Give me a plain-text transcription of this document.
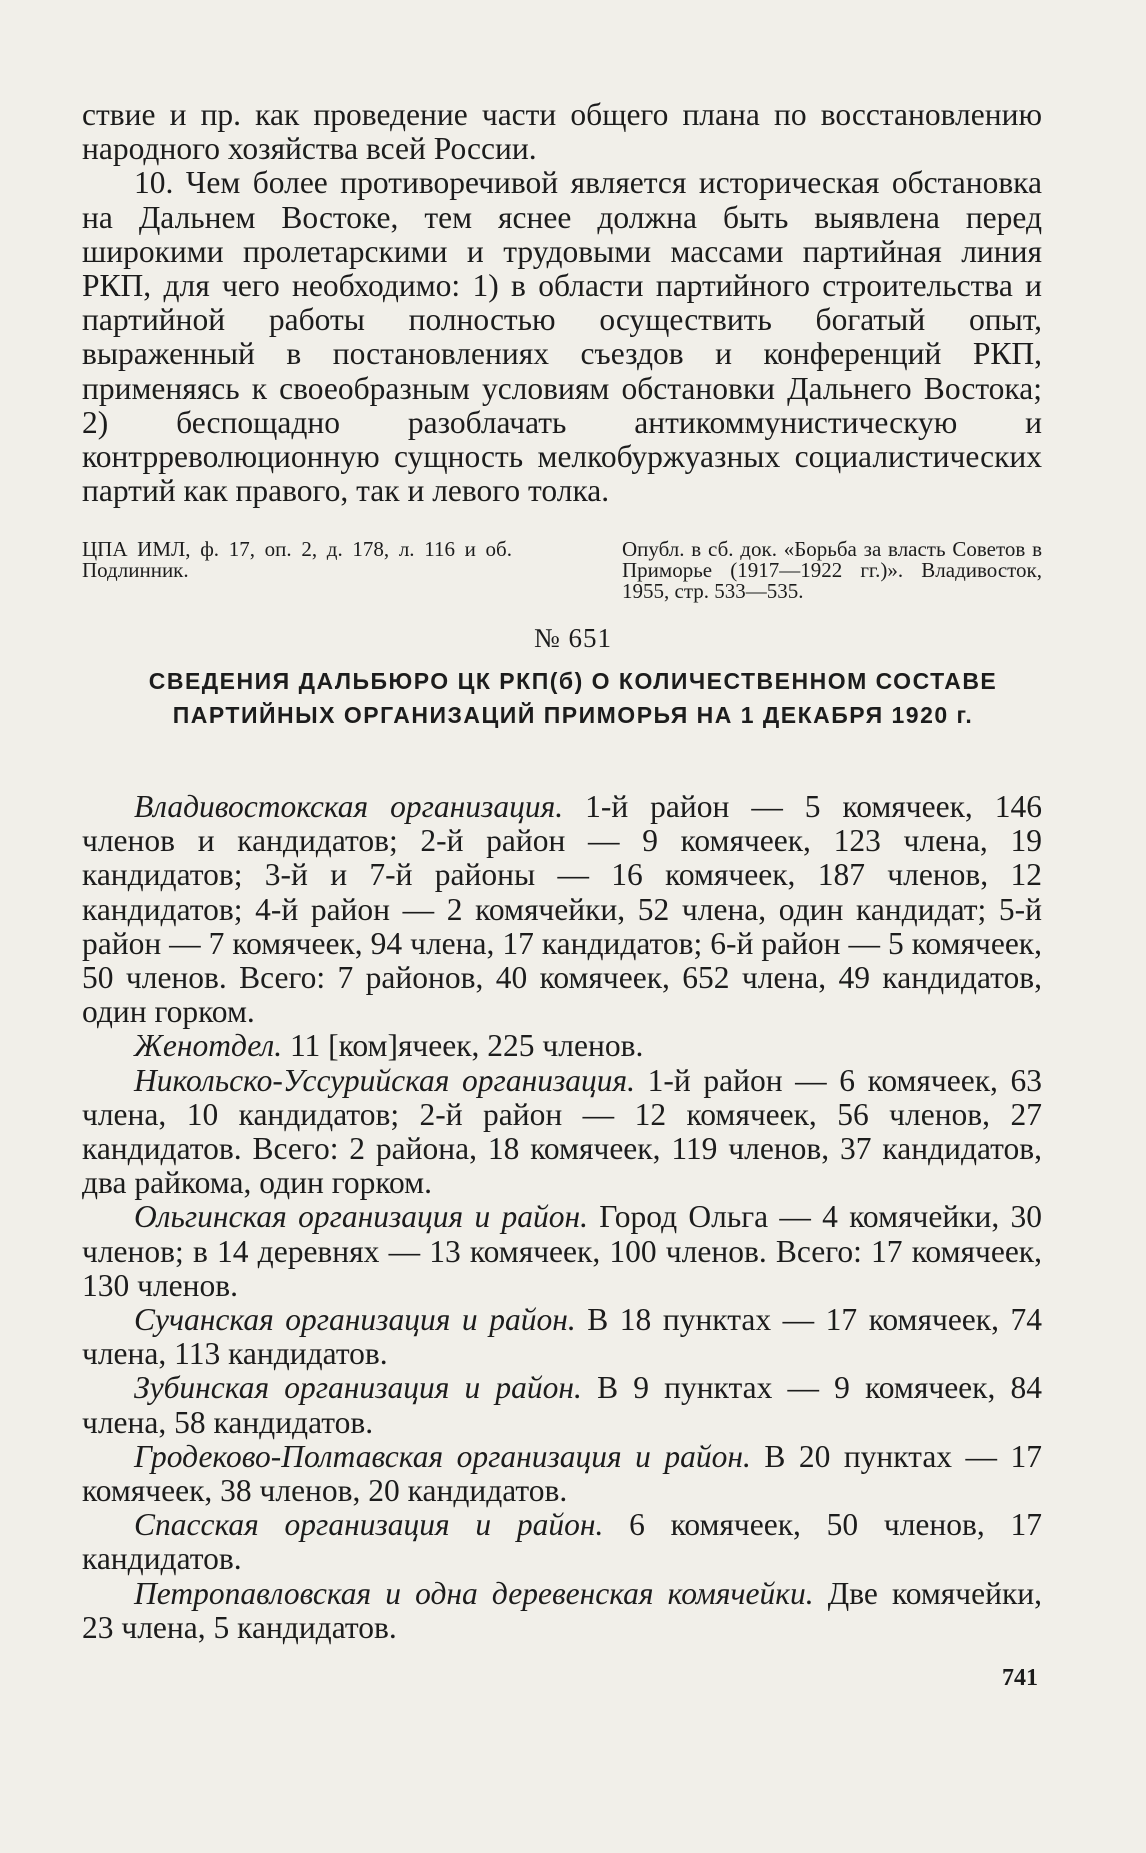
ствие и пр. как проведение части общего плана по восстановлению народного хозяйства всей России.

10. Чем более противоречивой является историческая обстановка на Дальнем Востоке, тем яснее должна быть выявлена перед широкими пролетарскими и трудовыми массами партийная линия РКП, для чего необходимо: 1) в области партийного строительства и партийной работы полностью осуществить богатый опыт, выраженный в постановлениях съездов и конференций РКП, применяясь к своеобразным условиям обстановки Дальнего Востока; 2) беспощадно разоблачать антикоммунистическую и контрреволюционную сущность мелкобуржуазных социалистических партий как правого, так и левого толка.

ЦПА ИМЛ, ф. 17, оп. 2, д. 178, л. 116 и об. Подлинник.
Опубл. в сб. док. «Борьба за власть Советов в Приморье (1917—1922 гг.)». Владивосток, 1955, стр. 533—535.
№ 651
СВЕДЕНИЯ ДАЛЬБЮРО ЦК РКП(б) О КОЛИЧЕСТВЕННОМ СОСТАВЕ ПАРТИЙНЫХ ОРГАНИЗАЦИЙ ПРИМОРЬЯ НА 1 ДЕКАБРЯ 1920 г.

Владивостокская организация. 1-й район — 5 комячеек, 146 членов и кандидатов; 2-й район — 9 комячеек, 123 члена, 19 кандидатов; 3-й и 7-й районы — 16 комячеек, 187 членов, 12 кандидатов; 4-й район — 2 комячейки, 52 члена, один кандидат; 5-й район — 7 комячеек, 94 члена, 17 кандидатов; 6-й район — 5 комячеек, 50 членов. Всего: 7 районов, 40 комячеек, 652 члена, 49 кандидатов, один горком.

Женотдел. 11 [ком]ячеек, 225 членов.

Никольско-Уссурийская организация. 1-й район — 6 комячеек, 63 члена, 10 кандидатов; 2-й район — 12 комячеек, 56 членов, 27 кандидатов. Всего: 2 района, 18 комячеек, 119 членов, 37 кандидатов, два райкома, один горком.

Ольгинская организация и район. Город Ольга — 4 комячейки, 30 членов; в 14 деревнях — 13 комячеек, 100 членов. Всего: 17 комячеек, 130 членов.

Сучанская организация и район. В 18 пунктах — 17 комячеек, 74 члена, 113 кандидатов.

Зубинская организация и район. В 9 пунктах — 9 комячеек, 84 члена, 58 кандидатов.

Гродеково-Полтавская организация и район. В 20 пунктах — 17 комячеек, 38 членов, 20 кандидатов.

Спасская организация и район. 6 комячеек, 50 членов, 17 кандидатов.

Петропавловская и одна деревенская комячейки. Две комячейки, 23 члена, 5 кандидатов.

741
